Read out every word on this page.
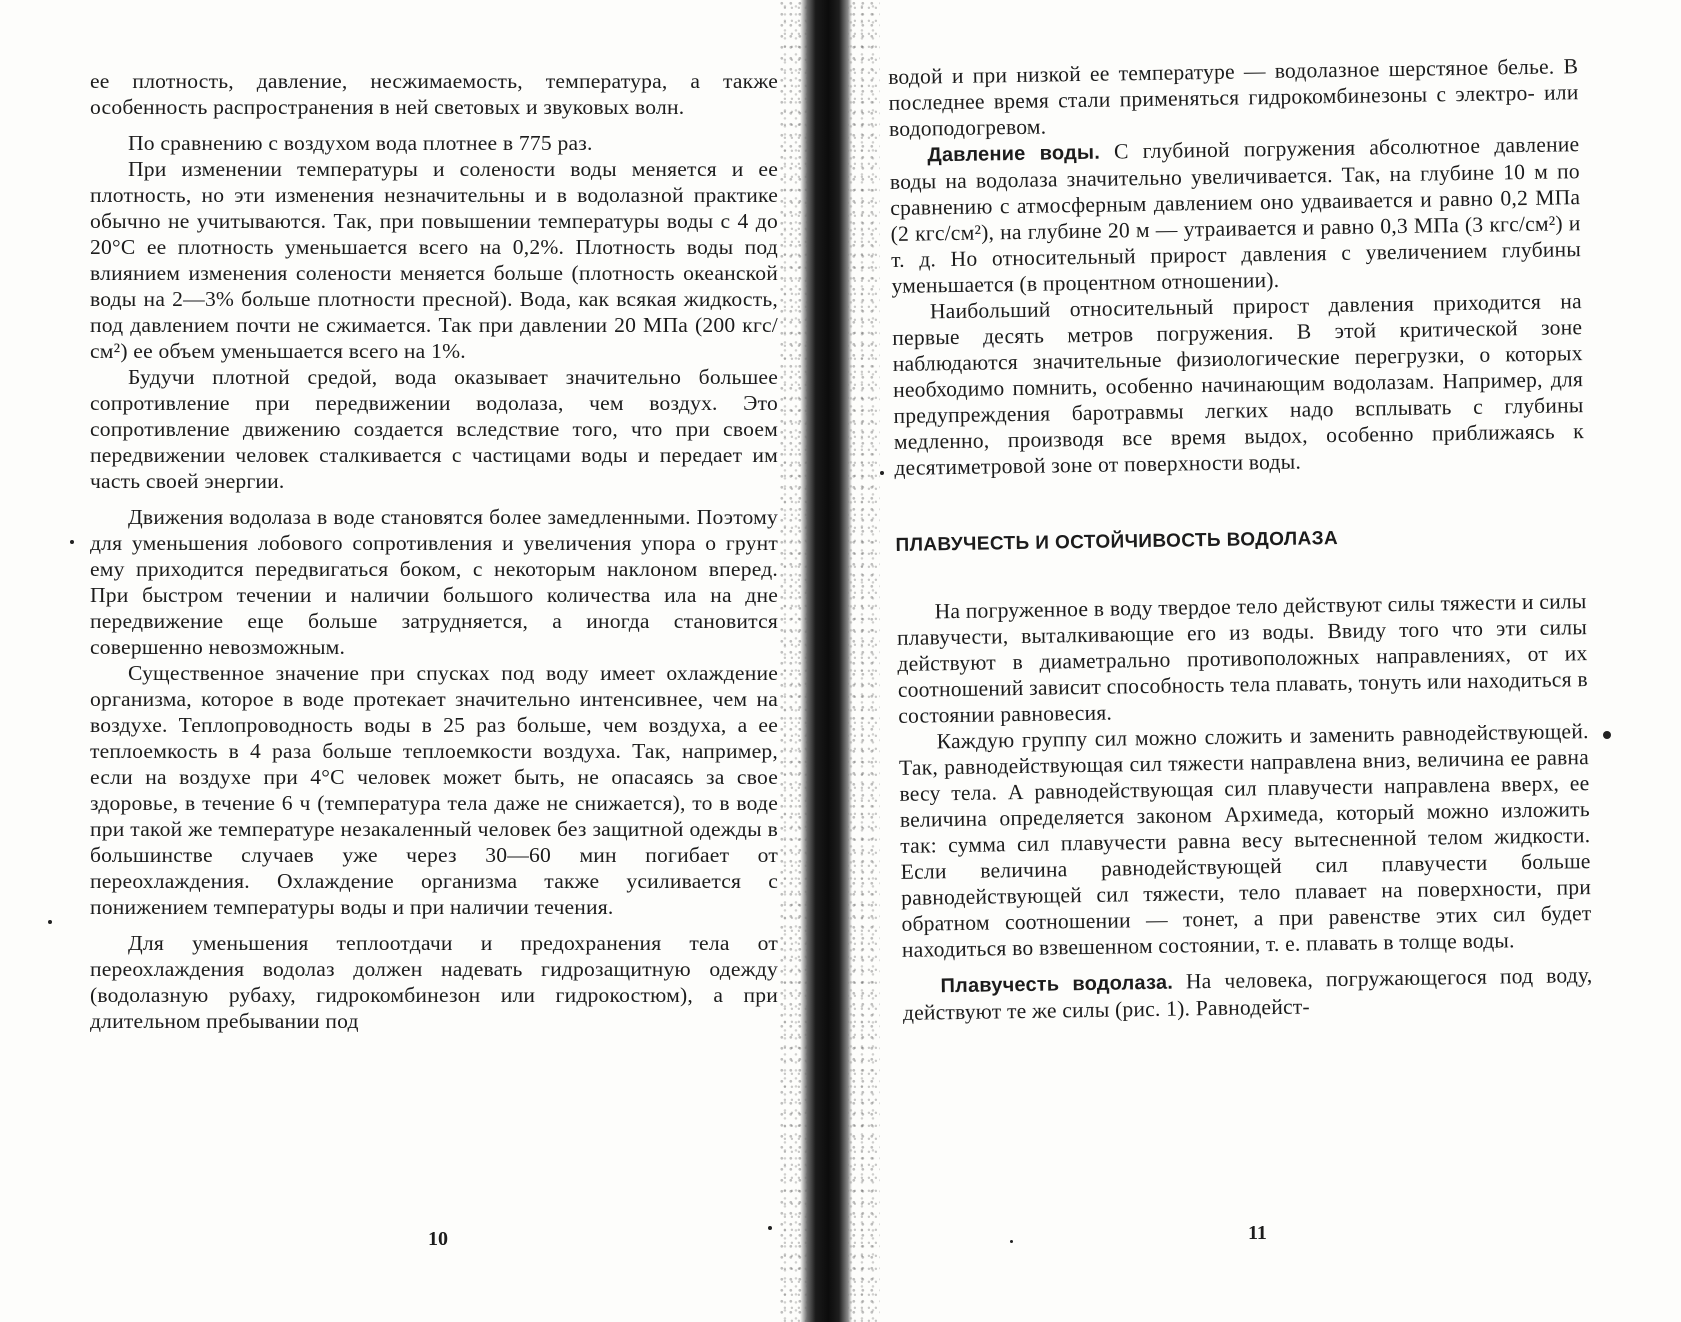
ее плотность, давление, несжимаемость, температура, а также особенность распространения в ней световых и звуковых волн.

По сравнению с воздухом вода плотнее в 775 раз.

При изменении температуры и солености воды меняется и ее плотность, но эти изменения незначительны и в водолазной практике обычно не учитываются. Так, при повышении температуры воды с 4 до 20°С ее плотность уменьшается всего на 0,2%. Плотность воды под влиянием изменения солености меняется больше (плотность океанской воды на 2—3% больше плотности пресной). Вода, как всякая жидкость, под давлением почти не сжимается. Так при давлении 20 МПа (200 кгс/см²) ее объем уменьшается всего на 1%.

Будучи плотной средой, вода оказывает значительно большее сопротивление при передвижении водолаза, чем воздух. Это сопротивление движению создается вследствие того, что при своем передвижении человек сталкивается с частицами воды и передает им часть своей энергии.

Движения водолаза в воде становятся более замедленными. Поэтому для уменьшения лобового сопротивления и увеличения упора о грунт ему приходится передвигаться боком, с некоторым наклоном вперед. При быстром течении и наличии большого количества ила на дне передвижение еще больше затрудняется, а иногда становится совершенно невозможным.

Существенное значение при спусках под воду имеет охлаждение организма, которое в воде протекает значительно интенсивнее, чем на воздухе. Теплопроводность воды в 25 раз больше, чем воздуха, а ее теплоемкость в 4 раза больше теплоемкости воздуха. Так, например, если на воздухе при 4°С человек может быть, не опасаясь за свое здоровье, в течение 6 ч (температура тела даже не снижается), то в воде при такой же температуре незакаленный человек без защитной одежды в большинстве случаев уже через 30—60 мин погибает от переохлаждения. Охлаждение организма также усиливается с понижением температуры воды и при наличии течения.

Для уменьшения теплоотдачи и предохранения тела от переохлаждения водолаз должен надевать гидрозащитную одежду (водолазную рубаху, гидрокомбинезон или гидрокостюм), а при длительном пребывании под

10

водой и при низкой ее температуре — водолазное шерстяное белье. В последнее время стали применяться гидрокомбинезоны с электро- или водоподогревом.

Давление воды. С глубиной погружения абсолютное давление воды на водолаза значительно увеличивается. Так, на глубине 10 м по сравнению с атмосферным давлением оно удваивается и равно 0,2 МПа (2 кгс/см²), на глубине 20 м — утраивается и равно 0,3 МПа (3 кгс/см²) и т. д. Но относительный прирост давления с увеличением глубины уменьшается (в процентном отношении).

Наибольший относительный прирост давления приходится на первые десять метров погружения. В этой критической зоне наблюдаются значительные физиологические перегрузки, о которых необходимо помнить, особенно начинающим водолазам. Например, для предупреждения баротравмы легких надо всплывать с глубины медленно, производя все время выдох, особенно приближаясь к десятиметровой зоне от поверхности воды.

ПЛАВУЧЕСТЬ И ОСТОЙЧИВОСТЬ ВОДОЛАЗА

На погруженное в воду твердое тело действуют силы тяжести и силы плавучести, выталкивающие его из воды. Ввиду того что эти силы действуют в диаметрально противоположных направлениях, от их соотношений зависит способность тела плавать, тонуть или находиться в состоянии равновесия.

Каждую группу сил можно сложить и заменить равнодействующей. Так, равнодействующая сил тяжести направлена вниз, величина ее равна весу тела. А равнодействующая сил плавучести направлена вверх, ее величина определяется законом Архимеда, который можно изложить так: сумма сил плавучести равна весу вытесненной телом жидкости. Если величина равнодействующей сил плавучести больше равнодействующей сил тяжести, тело плавает на поверхности, при обратном соотношении — тонет, а при равенстве этих сил будет находиться во взвешенном состоянии, т. е. плавать в толще воды.

Плавучесть водолаза. На человека, погружающегося под воду, действуют те же силы (рис. 1). Равнодейст-

11
